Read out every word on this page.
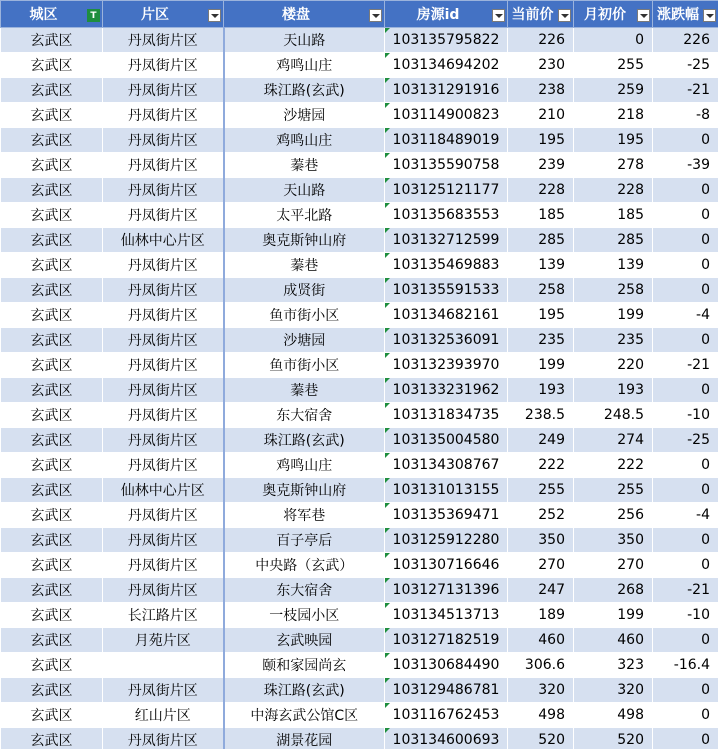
城区 T	片区	楼盘	房源id	当前价	月初价	涨跌幅

玄武区	丹凤街片区	天山路	103135795822	226	0	226
玄武区	丹凤街片区	鸡鸣山庄	103134694202	230	255	-25
玄武区	丹凤街片区	珠江路(玄武)	103131291916	238	259	-21
玄武区	丹凤街片区	沙塘园	103114900823	210	218	-8
玄武区	丹凤街片区	鸡鸣山庄	103118489019	195	195	0
玄武区	丹凤街片区	蓁巷	103135590758	239	278	-39
玄武区	丹凤街片区	天山路	103125121177	228	228	0
玄武区	丹凤街片区	太平北路	103135683553	185	185	0
玄武区	仙林中心片区	奥克斯钟山府	103132712599	285	285	0
玄武区	丹凤街片区	蓁巷	103135469883	139	139	0
玄武区	丹凤街片区	成贤街	103135591533	258	258	0
玄武区	丹凤街片区	鱼市街小区	103134682161	195	199	-4
玄武区	丹凤街片区	沙塘园	103132536091	235	235	0
玄武区	丹凤街片区	鱼市街小区	103132393970	199	220	-21
玄武区	丹凤街片区	蓁巷	103133231962	193	193	0
玄武区	丹凤街片区	东大宿舍	103131834735	238.5	248.5	-10
玄武区	丹凤街片区	珠江路(玄武)	103135004580	249	274	-25
玄武区	丹凤街片区	鸡鸣山庄	103134308767	222	222	0
玄武区	仙林中心片区	奥克斯钟山府	103131013155	255	255	0
玄武区	丹凤街片区	将军巷	103135369471	252	256	-4
玄武区	丹凤街片区	百子亭后	103125912280	350	350	0
玄武区	丹凤街片区	中央路（玄武）	103130716646	270	270	0
玄武区	丹凤街片区	东大宿舍	103127131396	247	268	-21
玄武区	长江路片区	一枝园小区	103134513713	189	199	-10
玄武区	月苑片区	玄武映园	103127182519	460	460	0
玄武区		颐和家园尚玄	103130684490	306.6	323	-16.4
玄武区	丹凤街片区	珠江路(玄武)	103129486781	320	320	0
玄武区	红山片区	中海玄武公馆C区	103116762453	498	498	0
玄武区	丹凤街片区	湖景花园	103134600693	520	520	0
